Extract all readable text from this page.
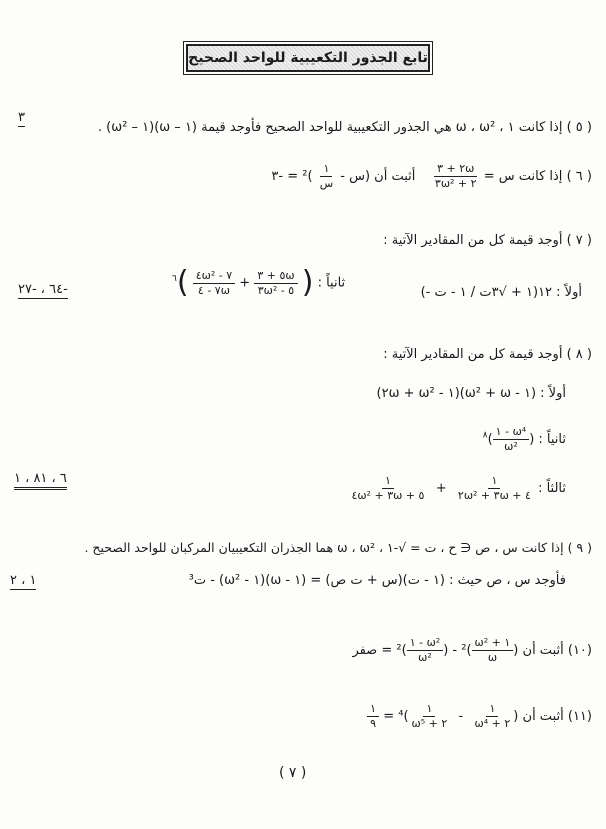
تابع الجذور التكعيبية للواحد الصحيح
( ٥ ) إذا كانت ١ ، ω ، ω² هي الجذور التكعيبية للواحد الصحيح فأوجد قيمة (١ – ω)(١ – ω²) .
٣
( ٦ ) إذا كانت س =
$\frac{٢\omega + ٣}{\text{٢ + ٣ω²}}$
أثبت أن (س -
$\frac{١}{\text{س}}$
)² = -٣
( ٧ ) أوجد قيمة كل من المقادير الآتية :
أولاً : (- ١ + √٣ت / ١ - ت)١٢
ثانياً : (
$\frac{٥\omega + ٣}{\text{٥ - ٣ω²}}$
+
$\frac{\text{٧ - ٤ω²}}{٧\omega - ٤}$
)$^٦$
-٦٤ ، -٢٧
( ٨ ) أوجد قيمة كل من المقادير الآتية :
أولاً : (١ - ω² + ω)(١ - ٢ω + ω²)
ثانياً : (
$\frac{\text{ω⁴ - ١}}{\text{ω²}}$
)$^٨$
ثالثاً :
$\frac{١}{\text{٤ + ٣ω + ٢ω²}}$
+
$\frac{١}{\text{٥ + ٣ω + ٤ω²}}$
٦ ، ٨١ ، ١
( ٩ ) إذا كانت س ، ص ∈ ح ، ت = √-١ ، ω ، ω² هما الجذران التكعيبيان المركبان للواحد الصحيح .
فأوجد س ، ص حيث : (١ - ت)(س + ت ص) = (١ - ω)(١ - ω²) - ت³
١ ، ٢
(١٠) أثبت أن (
$\frac{\text{١ + ω²}}{\omega}$
)² - (
$\frac{\text{ω² - ١}}{\text{ω²}}$
)² = صفر
(١١) أثبت أن (
$\frac{١}{\text{٢ + ω⁴}}$
-
$\frac{١}{\text{٢ + ω⁵}}$
)⁴ =
$\frac{١}{٩}$
( ٧ )
